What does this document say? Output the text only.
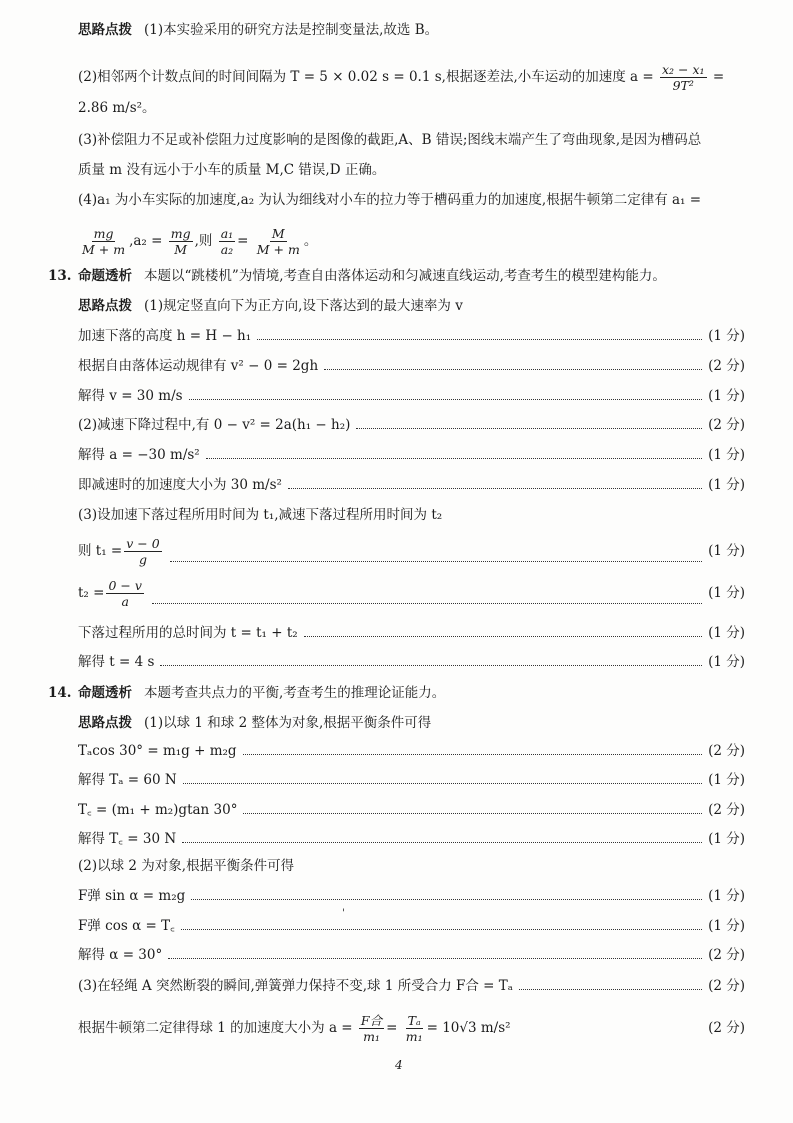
思路点拨 (1)本实验采用的研究方法是控制变量法,故选 B。
(2)相邻两个计数点间的时间间隔为 T = 5 × 0.02 s = 0.1 s,根据逐差法,小车运动的加速度 $a = \frac{\text{x₂ − x₁}}{\text{9T²}}$ =
2.86 m/s²。
(3)补偿阻力不足或补偿阻力过度影响的是图像的截距,A、B 错误;图线末端产生了弯曲现象,是因为槽码总
质量 m 没有远小于小车的质量 M,C 错误,D 正确。
(4)a₁ 为小车实际的加速度,a₂ 为认为细线对小车的拉力等于槽码重力的加速度,根据牛顿第二定律有 a₁ =
$\frac{mg}{M + m} ,a_2 = \frac{mg}{M}$ ,则 $\frac{\text{a₁}}{\text{a₂}} = \frac{M}{M + m}$ 。
13. 命题透析 本题以“跳楼机”为情境,考查自由落体运动和匀减速直线运动,考查考生的模型建构能力。
思路点拨 (1)规定竖直向下为正方向,设下落达到的最大速率为 v
加速下落的高度 h = H − h₁	(1 分)
根据自由落体运动规律有 v² − 0 = 2gh	(2 分)
解得 v = 30 m/s	(1 分)
(2)减速下降过程中,有 0 − v² = 2a(h₁ − h₂)	(2 分)
解得 a = −30 m/s²	(1 分)
即减速时的加速度大小为 30 m/s²	(1 分)
(3)设加速下落过程所用时间为 t₁,减速下落过程所用时间为 t₂
则 $t_1 = \frac{v - 0}{g}$	(1 分)
$t_2 = \frac{0 - v}{a}$	(1 分)
下落过程所用的总时间为 t = t₁ + t₂	(1 分)
解得 t = 4 s	(1 分)
14. 命题透析 本题考查共点力的平衡,考查考生的推理论证能力。
思路点拨 (1)以球 1 和球 2 整体为对象,根据平衡条件可得
Tₐcos 30° = m₁g + m₂g	(2 分)
解得 Tₐ = 60 N	(1 分)
T꜀ = (m₁ + m₂)gtan 30°	(2 分)
解得 T꜀ = 30 N	(1 分)
(2)以球 2 为对象,根据平衡条件可得
F弹 sin α = m₂g	(1 分)
F弹 cos α = T꜀	(1 分)
解得 α = 30°	(2 分)
(3)在轻绳 A 突然断裂的瞬间,弹簧弹力保持不变,球 1 所受合力 F合 = Tₐ	(2 分)
根据牛顿第二定律得球 1 的加速度大小为 $a = \frac{\text{F合}}{\text{m₁}} = \frac{\text{Tₐ}}{\text{m₁}} = 10√3$ m/s²	(2 分)
'
4
